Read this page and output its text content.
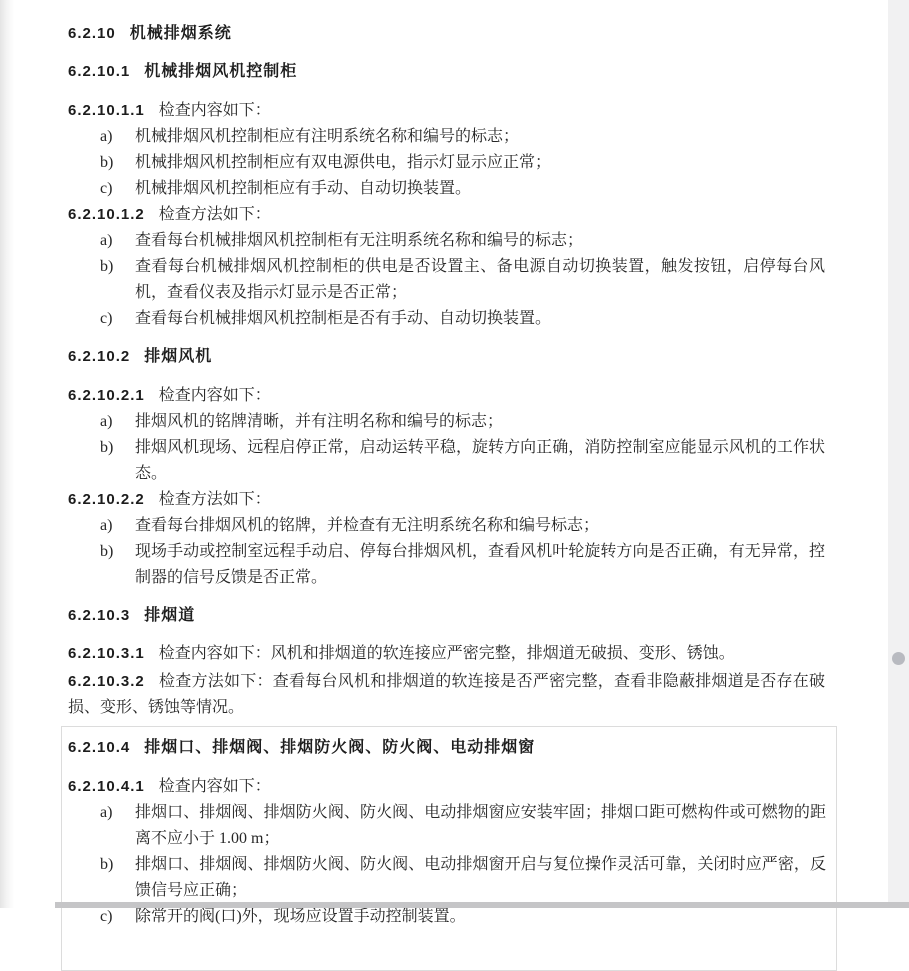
6.2.10 机械排烟系统
6.2.10.1 机械排烟风机控制柜
6.2.10.1.1 检查内容如下：
a) 机械排烟风机控制柜应有注明系统名称和编号的标志；
b) 机械排烟风机控制柜应有双电源供电，指示灯显示应正常；
c) 机械排烟风机控制柜应有手动、自动切换装置。
6.2.10.1.2 检查方法如下：
a) 查看每台机械排烟风机控制柜有无注明系统名称和编号的标志；
b) 查看每台机械排烟风机控制柜的供电是否设置主、备电源自动切换装置，触发按钮，启停每台风机，查看仪表及指示灯显示是否正常；
c) 查看每台机械排烟风机控制柜是否有手动、自动切换装置。
6.2.10.2 排烟风机
6.2.10.2.1 检查内容如下：
a) 排烟风机的铭牌清晰，并有注明名称和编号的标志；
b) 排烟风机现场、远程启停正常，启动运转平稳，旋转方向正确，消防控制室应能显示风机的工作状态。
6.2.10.2.2 检查方法如下：
a) 查看每台排烟风机的铭牌，并检查有无注明系统名称和编号标志；
b) 现场手动或控制室远程手动启、停每台排烟风机，查看风机叶轮旋转方向是否正确，有无异常，控制器的信号反馈是否正常。
6.2.10.3 排烟道
6.2.10.3.1 检查内容如下：风机和排烟道的软连接应严密完整，排烟道无破损、变形、锈蚀。
6.2.10.3.2 检查方法如下：查看每台风机和排烟道的软连接是否严密完整，查看非隐蔽排烟道是否存在破损、变形、锈蚀等情况。
6.2.10.4 排烟口、排烟阀、排烟防火阀、防火阀、电动排烟窗
6.2.10.4.1 检查内容如下：
a) 排烟口、排烟阀、排烟防火阀、防火阀、电动排烟窗应安装牢固；排烟口距可燃构件或可燃物的距离不应小于 1.00 m；
b) 排烟口、排烟阀、排烟防火阀、防火阀、电动排烟窗开启与复位操作灵活可靠，关闭时应严密，反馈信号应正确；
c) 除常开的阀(口)外，现场应设置手动控制装置。
